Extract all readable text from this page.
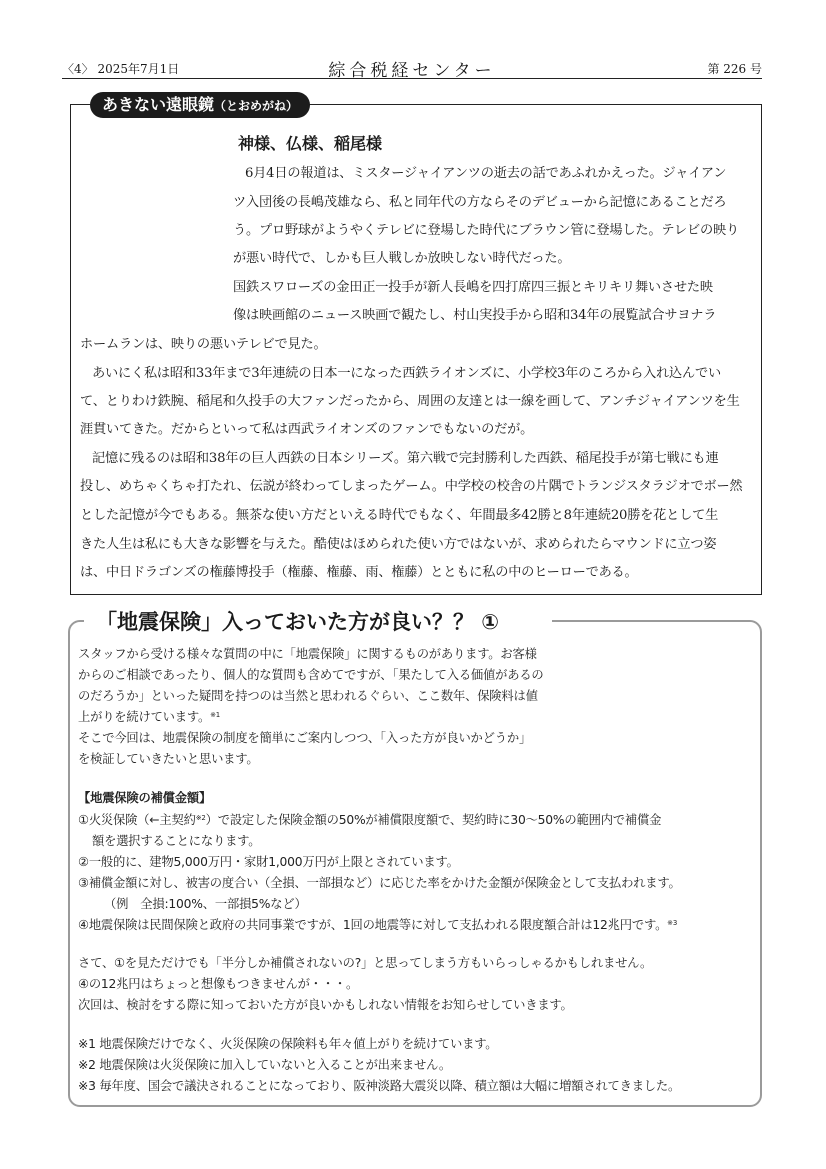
〈4〉 2025年7月1日	綜合税経センター	第 226 号
あきない遠眼鏡（とおめがね）
神様、仏様、稲尾様
6月4日の報道は、ミスタージャイアンツの逝去の話であふれかえった。ジャイアン
ツ入団後の長嶋茂雄なら、私と同年代の方ならそのデビューから記憶にあることだろ
う。プロ野球がようやくテレビに登場した時代にブラウン管に登場した。テレビの映り
が悪い時代で、しかも巨人戦しか放映しない時代だった。
国鉄スワローズの金田正一投手が新人長嶋を四打席四三振とキリキリ舞いさせた映
像は映画館のニュース映画で観たし、村山実投手から昭和34年の展覧試合サヨナラ
ホームランは、映りの悪いテレビで見た。
あいにく私は昭和33年まで3年連続の日本一になった西鉄ライオンズに、小学校3年のころから入れ込んでい
て、とりわけ鉄腕、稲尾和久投手の大ファンだったから、周囲の友達とは一線を画して、アンチジャイアンツを生
涯貫いてきた。だからといって私は西武ライオンズのファンでもないのだが。
記憶に残るのは昭和38年の巨人西鉄の日本シリーズ。第六戦で完封勝利した西鉄、稲尾投手が第七戦にも連
投し、めちゃくちゃ打たれ、伝説が終わってしまったゲーム。中学校の校舎の片隅でトランジスタラジオでボー然
とした記憶が今でもある。無茶な使い方だといえる時代でもなく、年間最多42勝と8年連続20勝を花として生
きた人生は私にも大きな影響を与えた。酷使はほめられた使い方ではないが、求められたらマウンドに立つ姿
は、中日ドラゴンズの権藤博投手（権藤、権藤、雨、権藤）とともに私の中のヒーローである。
「地震保険」入っておいた方が良い？？ ①
スタッフから受ける様々な質問の中に「地震保険」に関するものがあります。お客様
からのご相談であったり、個人的な質問も含めてですが、「果たして入る価値があるの
のだろうか」といった疑問を持つのは当然と思われるぐらい、ここ数年、保険料は値
上がりを続けています。$^{※1}$
そこで今回は、地震保険の制度を簡単にご案内しつつ、「入った方が良いかどうか」
を検証していきたいと思います。
【地震保険の補償金額】
①火災保険（←主契約$^{※2}$）で設定した保険金額の50%が補償限度額で、契約時に30～50%の範囲内で補償金
額を選択することになります。
②一般的に、建物5,000万円・家財1,000万円が上限とされています。
③補償金額に対し、被害の度合い（全損、一部損など）に応じた率をかけた金額が保険金として支払われます。
（例　全損:100%、一部損5%など）
④地震保険は民間保険と政府の共同事業ですが、1回の地震等に対して支払われる限度額合計は12兆円です。$^{※3}$
さて、①を見ただけでも「半分しか補償されないの?」と思ってしまう方もいらっしゃるかもしれません。
④の12兆円はちょっと想像もつきませんが・・・。
次回は、検討をする際に知っておいた方が良いかもしれない情報をお知らせしていきます。
※1 地震保険だけでなく、火災保険の保険料も年々値上がりを続けています。
※2 地震保険は火災保険に加入していないと入ることが出来ません。
※3 毎年度、国会で議決されることになっており、阪神淡路大震災以降、積立額は大幅に増額されてきました。
